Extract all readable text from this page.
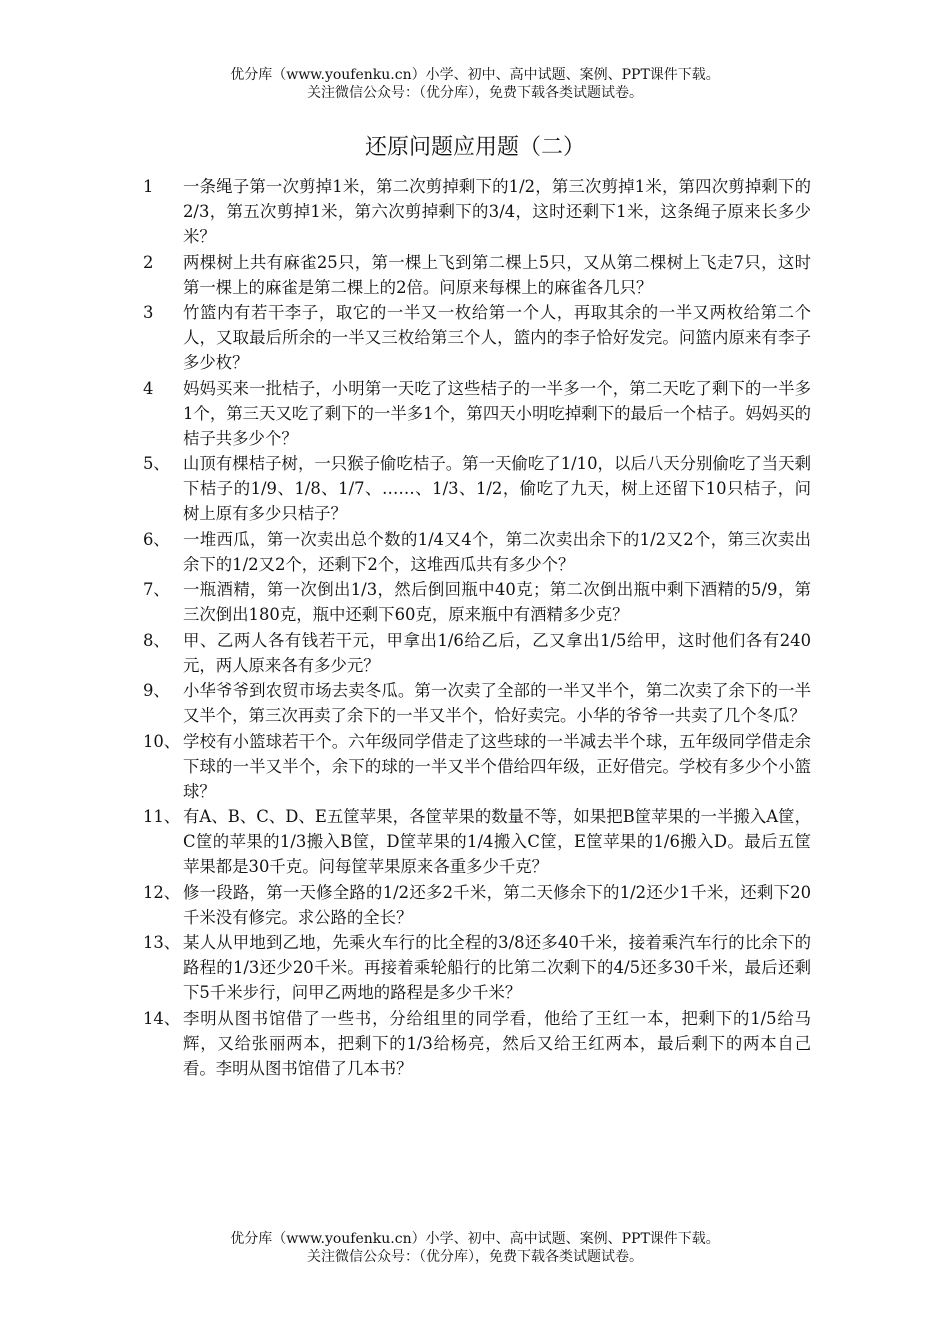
优分库（www.youfenku.cn）小学、初中、高中试题、案例、PPT课件下载。
关注微信公众号：（优分库），免费下载各类试题试卷。
还原问题应用题（二）
1	一条绳子第一次剪掉1米，第二次剪掉剩下的1/2，第三次剪掉1米，第四次剪掉剩下的2/3，第五次剪掉1米，第六次剪掉剩下的3/4，这时还剩下1米，这条绳子原来长多少米？
2	两棵树上共有麻雀25只，第一棵上飞到第二棵上5只，又从第二棵树上飞走7只，这时第一棵上的麻雀是第二棵上的2倍。问原来每棵上的麻雀各几只？
3	竹篮内有若干李子，取它的一半又一枚给第一个人，再取其余的一半又两枚给第二个人，又取最后所余的一半又三枚给第三个人，篮内的李子恰好发完。问篮内原来有李子多少枚？
4	妈妈买来一批桔子，小明第一天吃了这些桔子的一半多一个，第二天吃了剩下的一半多1个，第三天又吃了剩下的一半多1个，第四天小明吃掉剩下的最后一个桔子。妈妈买的桔子共多少个？
5、 山顶有棵桔子树，一只猴子偷吃桔子。第一天偷吃了1/10，以后八天分别偷吃了当天剩下桔子的1/9、1/8、1/7、……、1/3、1/2，偷吃了九天，树上还留下10只桔子，问树上原有多少只桔子？
6、 一堆西瓜，第一次卖出总个数的1/4又4个，第二次卖出余下的1/2又2个，第三次卖出余下的1/2又2个，还剩下2个，这堆西瓜共有多少个？
7、 一瓶酒精，第一次倒出1/3，然后倒回瓶中40克；第二次倒出瓶中剩下酒精的5/9，第三次倒出180克，瓶中还剩下60克，原来瓶中有酒精多少克？
8、 甲、乙两人各有钱若干元，甲拿出1/6给乙后，乙又拿出1/5给甲，这时他们各有240元，两人原来各有多少元？
9、 小华爷爷到农贸市场去卖冬瓜。第一次卖了全部的一半又半个，第二次卖了余下的一半又半个，第三次再卖了余下的一半又半个，恰好卖完。小华的爷爷一共卖了几个冬瓜？
10、 学校有小篮球若干个。六年级同学借走了这些球的一半减去半个球，五年级同学借走余下球的一半又半个，余下的球的一半又半个借给四年级，正好借完。学校有多少个小篮球？
11、 有A、B、C、D、E五筐苹果，各筐苹果的数量不等，如果把B筐苹果的一半搬入A筐，C筐的苹果的1/3搬入B筐，D筐苹果的1/4搬入C筐，E筐苹果的1/6搬入D。最后五筐苹果都是30千克。问每筐苹果原来各重多少千克？
12、 修一段路，第一天修全路的1/2还多2千米，第二天修余下的1/2还少1千米，还剩下20千米没有修完。求公路的全长？
13、 某人从甲地到乙地，先乘火车行的比全程的3/8还多40千米，接着乘汽车行的比余下的路程的1/3还少20千米。再接着乘轮船行的比第二次剩下的4/5还多30千米，最后还剩下5千米步行，问甲乙两地的路程是多少千米？
14、 李明从图书馆借了一些书，分给组里的同学看，他给了王红一本，把剩下的1/5给马辉，又给张丽两本，把剩下的1/3给杨亮，然后又给王红两本，最后剩下的两本自己看。李明从图书馆借了几本书？
优分库（www.youfenku.cn）小学、初中、高中试题、案例、PPT课件下载。
关注微信公众号：（优分库），免费下载各类试题试卷。
